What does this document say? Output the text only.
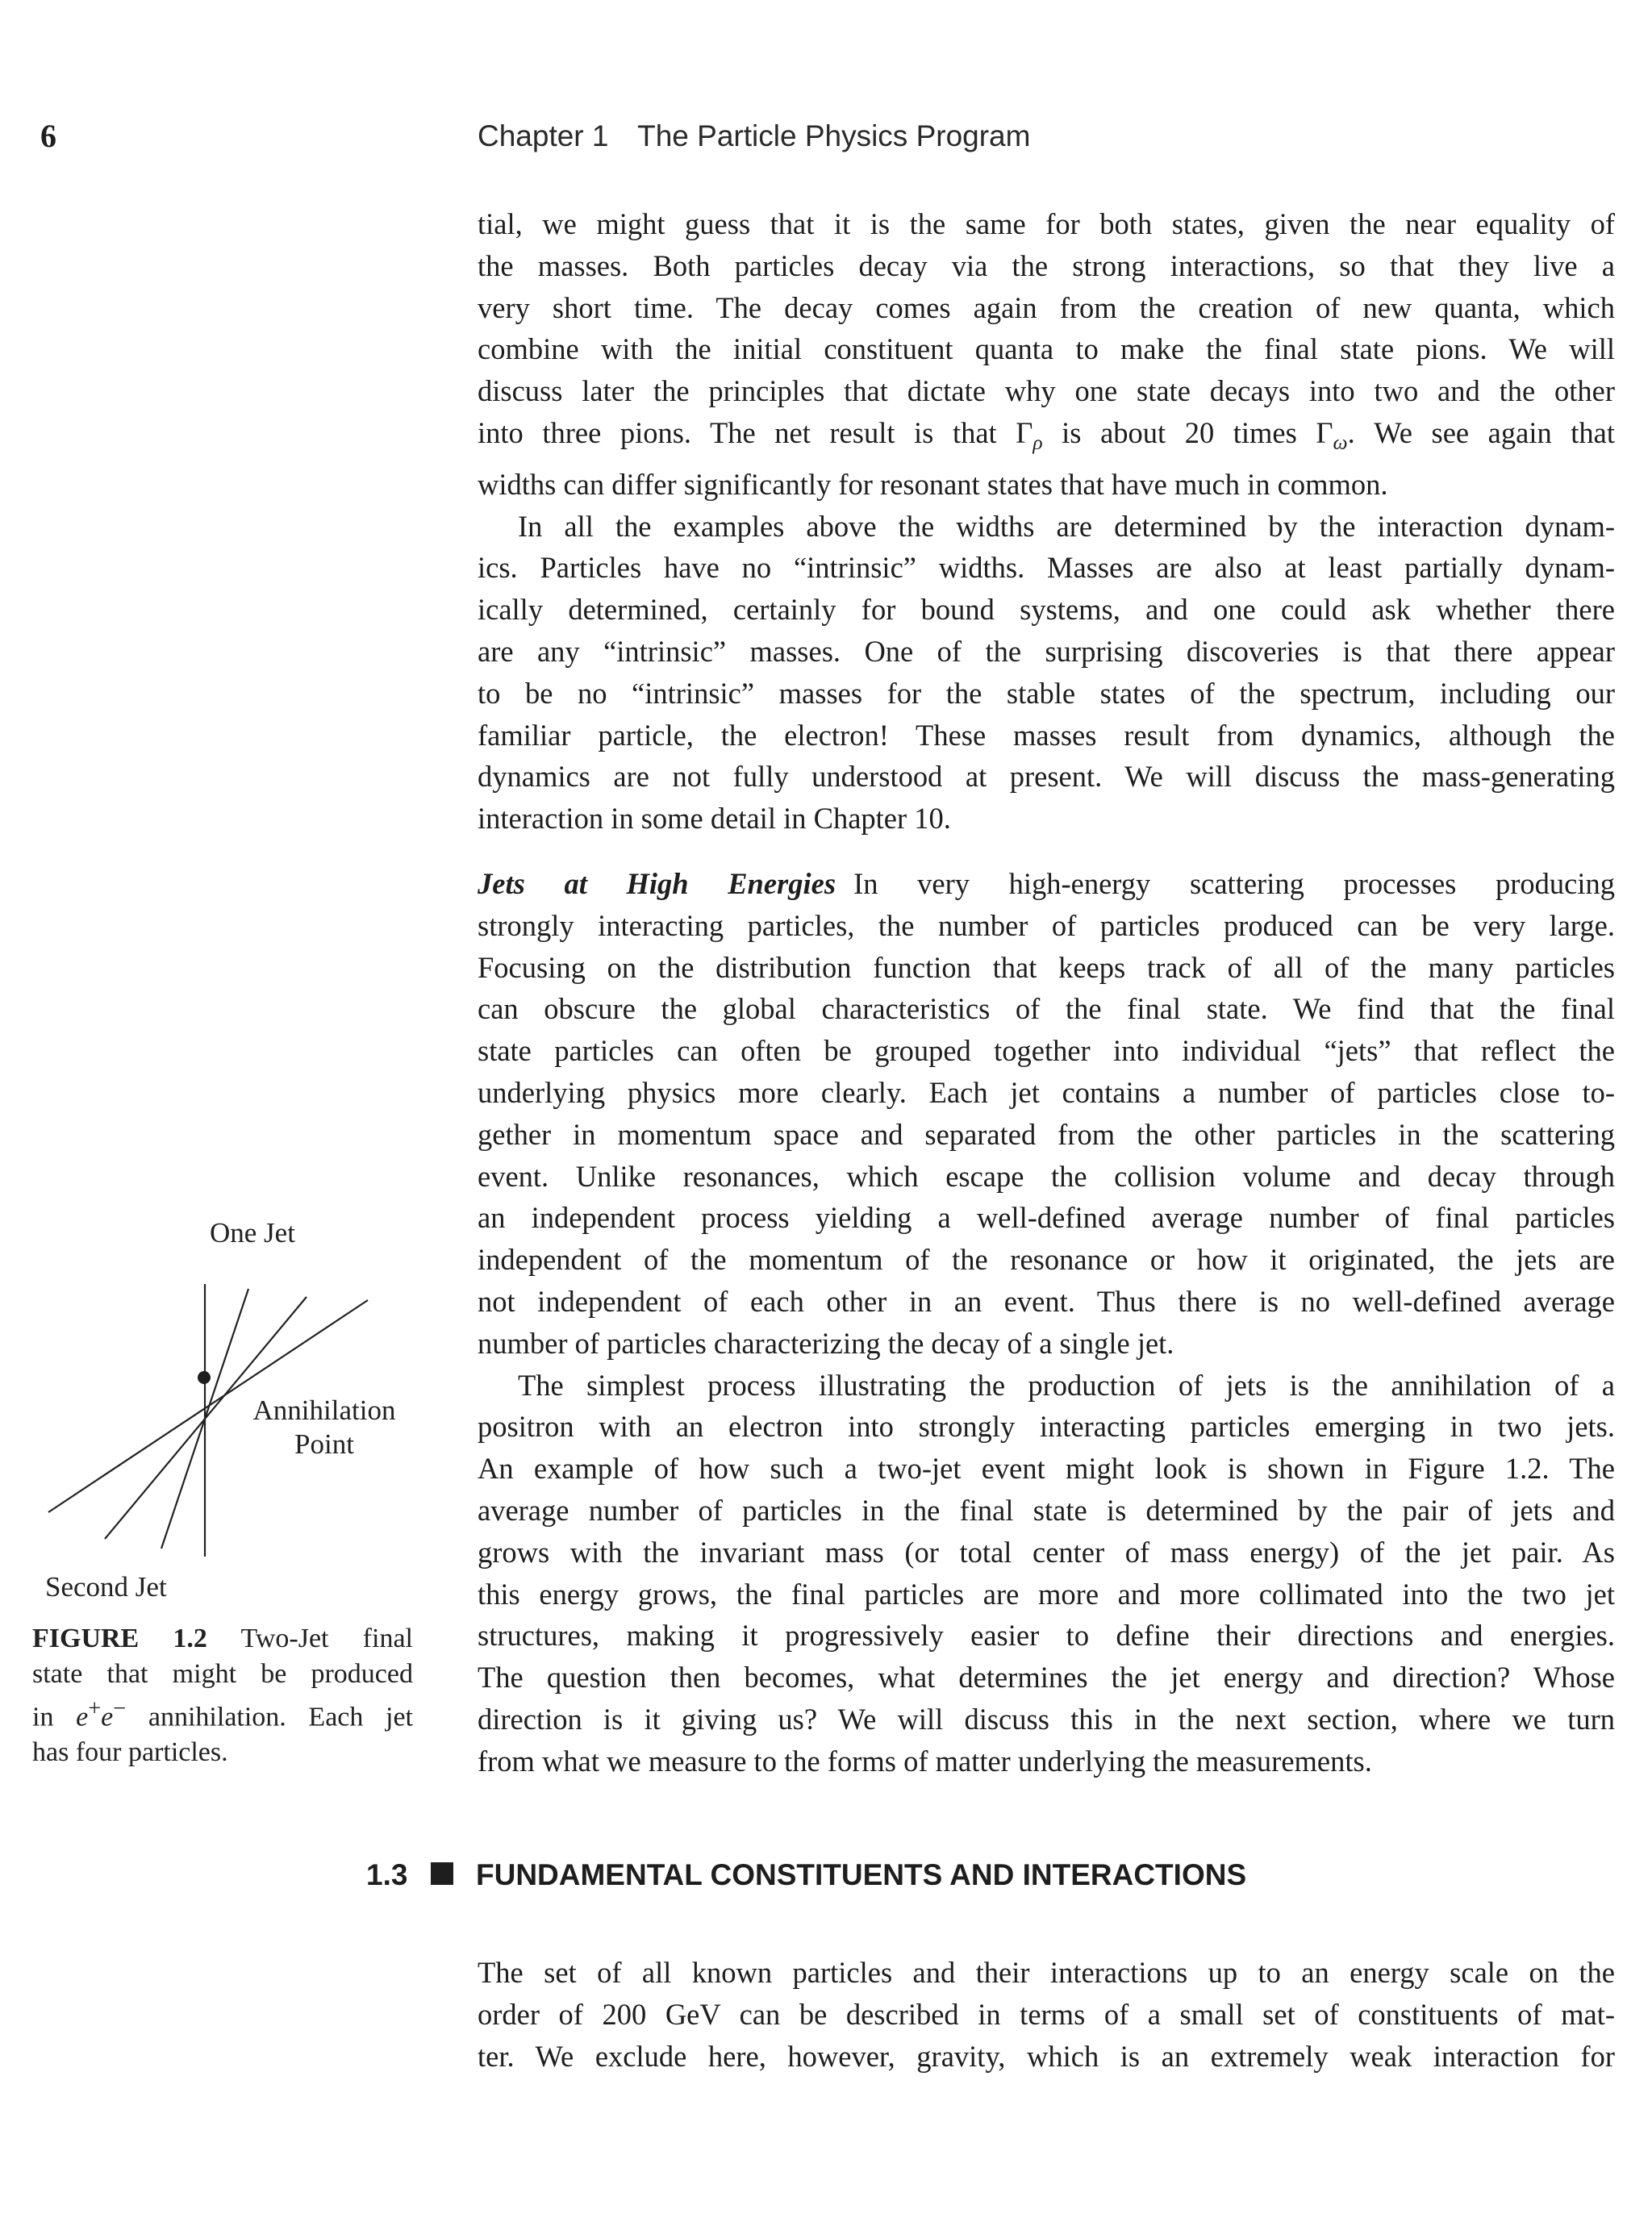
6	Chapter 1 The Particle Physics Program
tial, we might guess that it is the same for both states, given the near equality of
the masses. Both particles decay via the strong interactions, so that they live a
very short time. The decay comes again from the creation of new quanta, which
combine with the initial constituent quanta to make the final state pions. We will
discuss later the principles that dictate why one state decays into two and the other
into three pions. The net result is that $\Gamma_\rho$ is about 20 times $\Gamma_\omega$. We see again that
widths can differ significantly for resonant states that have much in common.
In all the examples above the widths are determined by the interaction dynam-
ics. Particles have no “intrinsic” widths. Masses are also at least partially dynam-
ically determined, certainly for bound systems, and one could ask whether there
are any “intrinsic” masses. One of the surprising discoveries is that there appear
to be no “intrinsic” masses for the stable states of the spectrum, including our
familiar particle, the electron! These masses result from dynamics, although the
dynamics are not fully understood at present. We will discuss the mass-generating
interaction in some detail in Chapter 10.
Jets at High Energies In very high-energy scattering processes producing
strongly interacting particles, the number of particles produced can be very large.
Focusing on the distribution function that keeps track of all of the many particles
can obscure the global characteristics of the final state. We find that the final
state particles can often be grouped together into individual “jets” that reflect the
underlying physics more clearly. Each jet contains a number of particles close to-
gether in momentum space and separated from the other particles in the scattering
event. Unlike resonances, which escape the collision volume and decay through
an independent process yielding a well-defined average number of final particles
independent of the momentum of the resonance or how it originated, the jets are
not independent of each other in an event. Thus there is no well-defined average
number of particles characterizing the decay of a single jet.
The simplest process illustrating the production of jets is the annihilation of a
positron with an electron into strongly interacting particles emerging in two jets.
An example of how such a two-jet event might look is shown in Figure 1.2. The
average number of particles in the final state is determined by the pair of jets and
grows with the invariant mass (or total center of mass energy) of the jet pair. As
this energy grows, the final particles are more and more collimated into the two jet
structures, making it progressively easier to define their directions and energies.
The question then becomes, what determines the jet energy and direction? Whose
direction is it giving us? We will discuss this in the next section, where we turn
from what we measure to the forms of matter underlying the measurements.
One Jet
Annihilation
Point
Second Jet
FIGURE 1.2 Two-Jet final
state that might be produced
in e+e− annihilation. Each jet
has four particles.
1.3 FUNDAMENTAL CONSTITUENTS AND INTERACTIONS
The set of all known particles and their interactions up to an energy scale on the
order of 200 GeV can be described in terms of a small set of constituents of mat-
ter. We exclude here, however, gravity, which is an extremely weak interaction for
